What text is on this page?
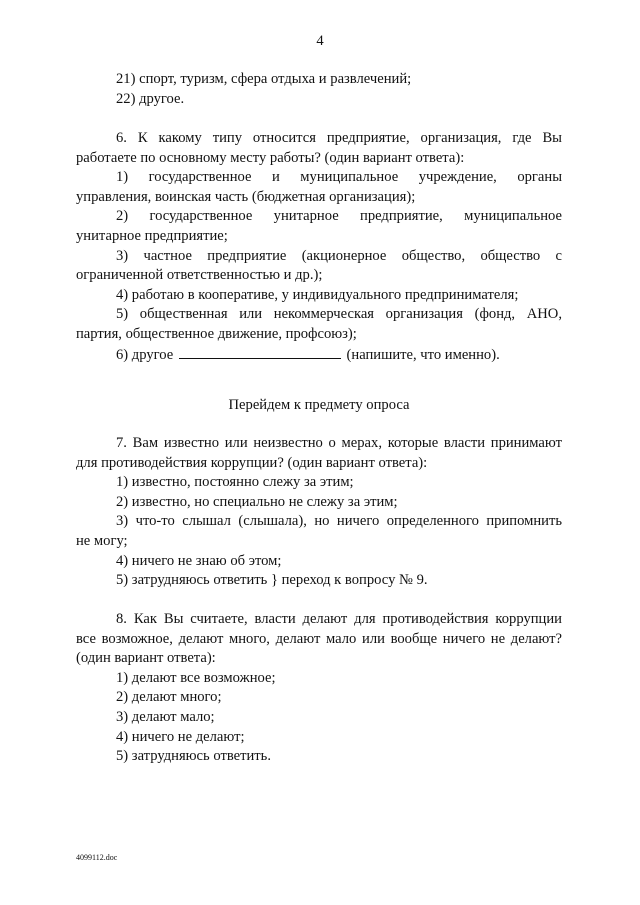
4
21) спорт, туризм, сфера отдыха и развлечений;
22) другое.
6. К какому типу относится предприятие, организация, где Вы
работаете по основному месту работы? (один вариант ответа):
1) государственное и муниципальное учреждение, органы
управления, воинская часть (бюджетная организация);
2) государственное унитарное предприятие, муниципальное
унитарное предприятие;
3) частное предприятие (акционерное общество, общество с
ограниченной ответственностью и др.);
4) работаю в кооперативе, у индивидуального предпринимателя;
5) общественная или некоммерческая организация (фонд, АНО,
партия, общественное движение, профсоюз);
6) другое	(напишите, что именно).
Перейдем к предмету опроса
7. Вам известно или неизвестно о мерах, которые власти принимают
для противодействия коррупции? (один вариант ответа):
1) известно, постоянно слежу за этим;
2) известно, но специально не слежу за этим;
3) что-то слышал (слышала), но ничего определенного припомнить
не могу;
4) ничего не знаю об этом;
5) затрудняюсь ответить } переход к вопросу № 9.
8. Как Вы считаете, власти делают для противодействия коррупции
все возможное, делают много, делают мало или вообще ничего не делают?
(один вариант ответа):
1) делают все возможное;
2) делают много;
3) делают мало;
4) ничего не делают;
5) затрудняюсь ответить.
4099112.doc
